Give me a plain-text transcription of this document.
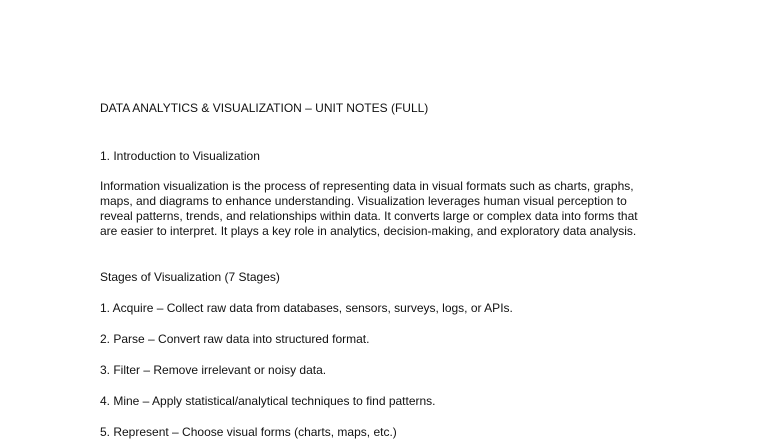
DATA ANALYTICS & VISUALIZATION – UNIT NOTES (FULL)
1. Introduction to Visualization
Information visualization is the process of representing data in visual formats such as charts, graphs,
maps, and diagrams to enhance understanding. Visualization leverages human visual perception to
reveal patterns, trends, and relationships within data. It converts large or complex data into forms that
are easier to interpret. It plays a key role in analytics, decision-making, and exploratory data analysis.
Stages of Visualization (7 Stages)
1. Acquire – Collect raw data from databases, sensors, surveys, logs, or APIs.
2. Parse – Convert raw data into structured format.
3. Filter – Remove irrelevant or noisy data.
4. Mine – Apply statistical/analytical techniques to find patterns.
5. Represent – Choose visual forms (charts, maps, etc.)
